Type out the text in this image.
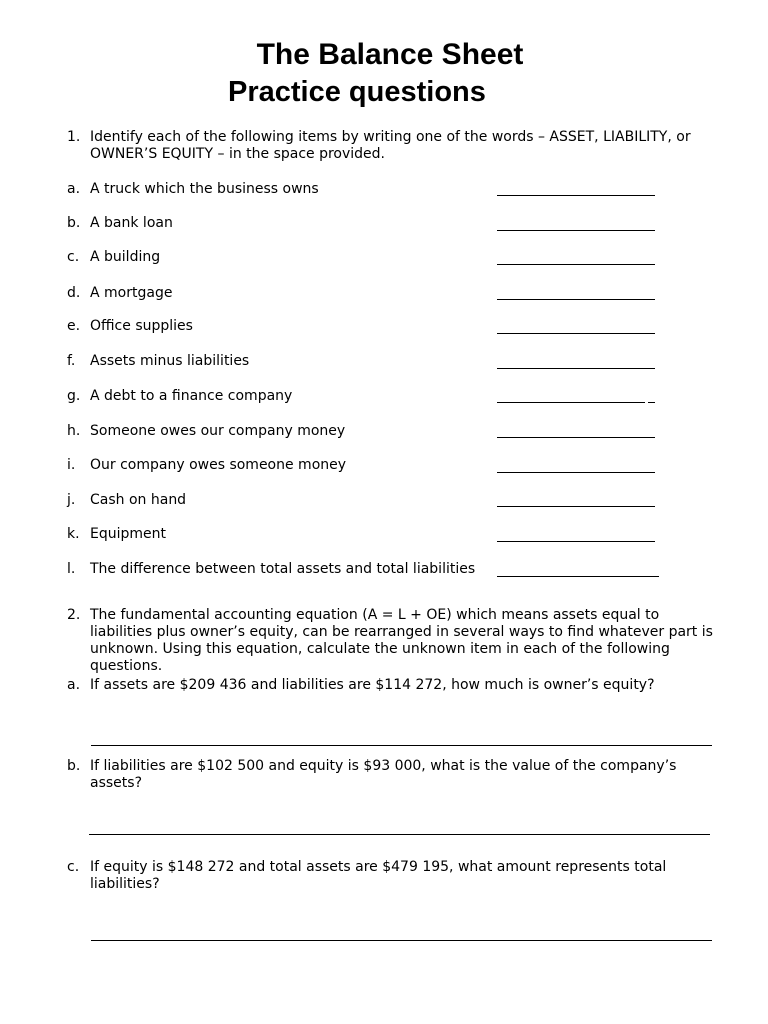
The Balance Sheet
Practice questions
1. Identify each of the following items by writing one of the words – ASSET, LIABILITY, or OWNER’S EQUITY – in the space provided.
a. A truck which the business owns
b. A bank loan
c. A building
d. A mortgage
e. Office supplies
f. Assets minus liabilities
g. A debt to a finance company
h. Someone owes our company money
i. Our company owes someone money
j. Cash on hand
k. Equipment
l. The difference between total assets and total liabilities
2. The fundamental accounting equation (A = L + OE) which means assets equal to liabilities plus owner’s equity, can be rearranged in several ways to find whatever part is unknown. Using this equation, calculate the unknown item in each of the following questions.
a. If assets are $209 436 and liabilities are $114 272, how much is owner’s equity?
b. If liabilities are $102 500 and equity is $93 000, what is the value of the company’s assets?
c. If equity is $148 272 and total assets are $479 195, what amount represents total liabilities?
